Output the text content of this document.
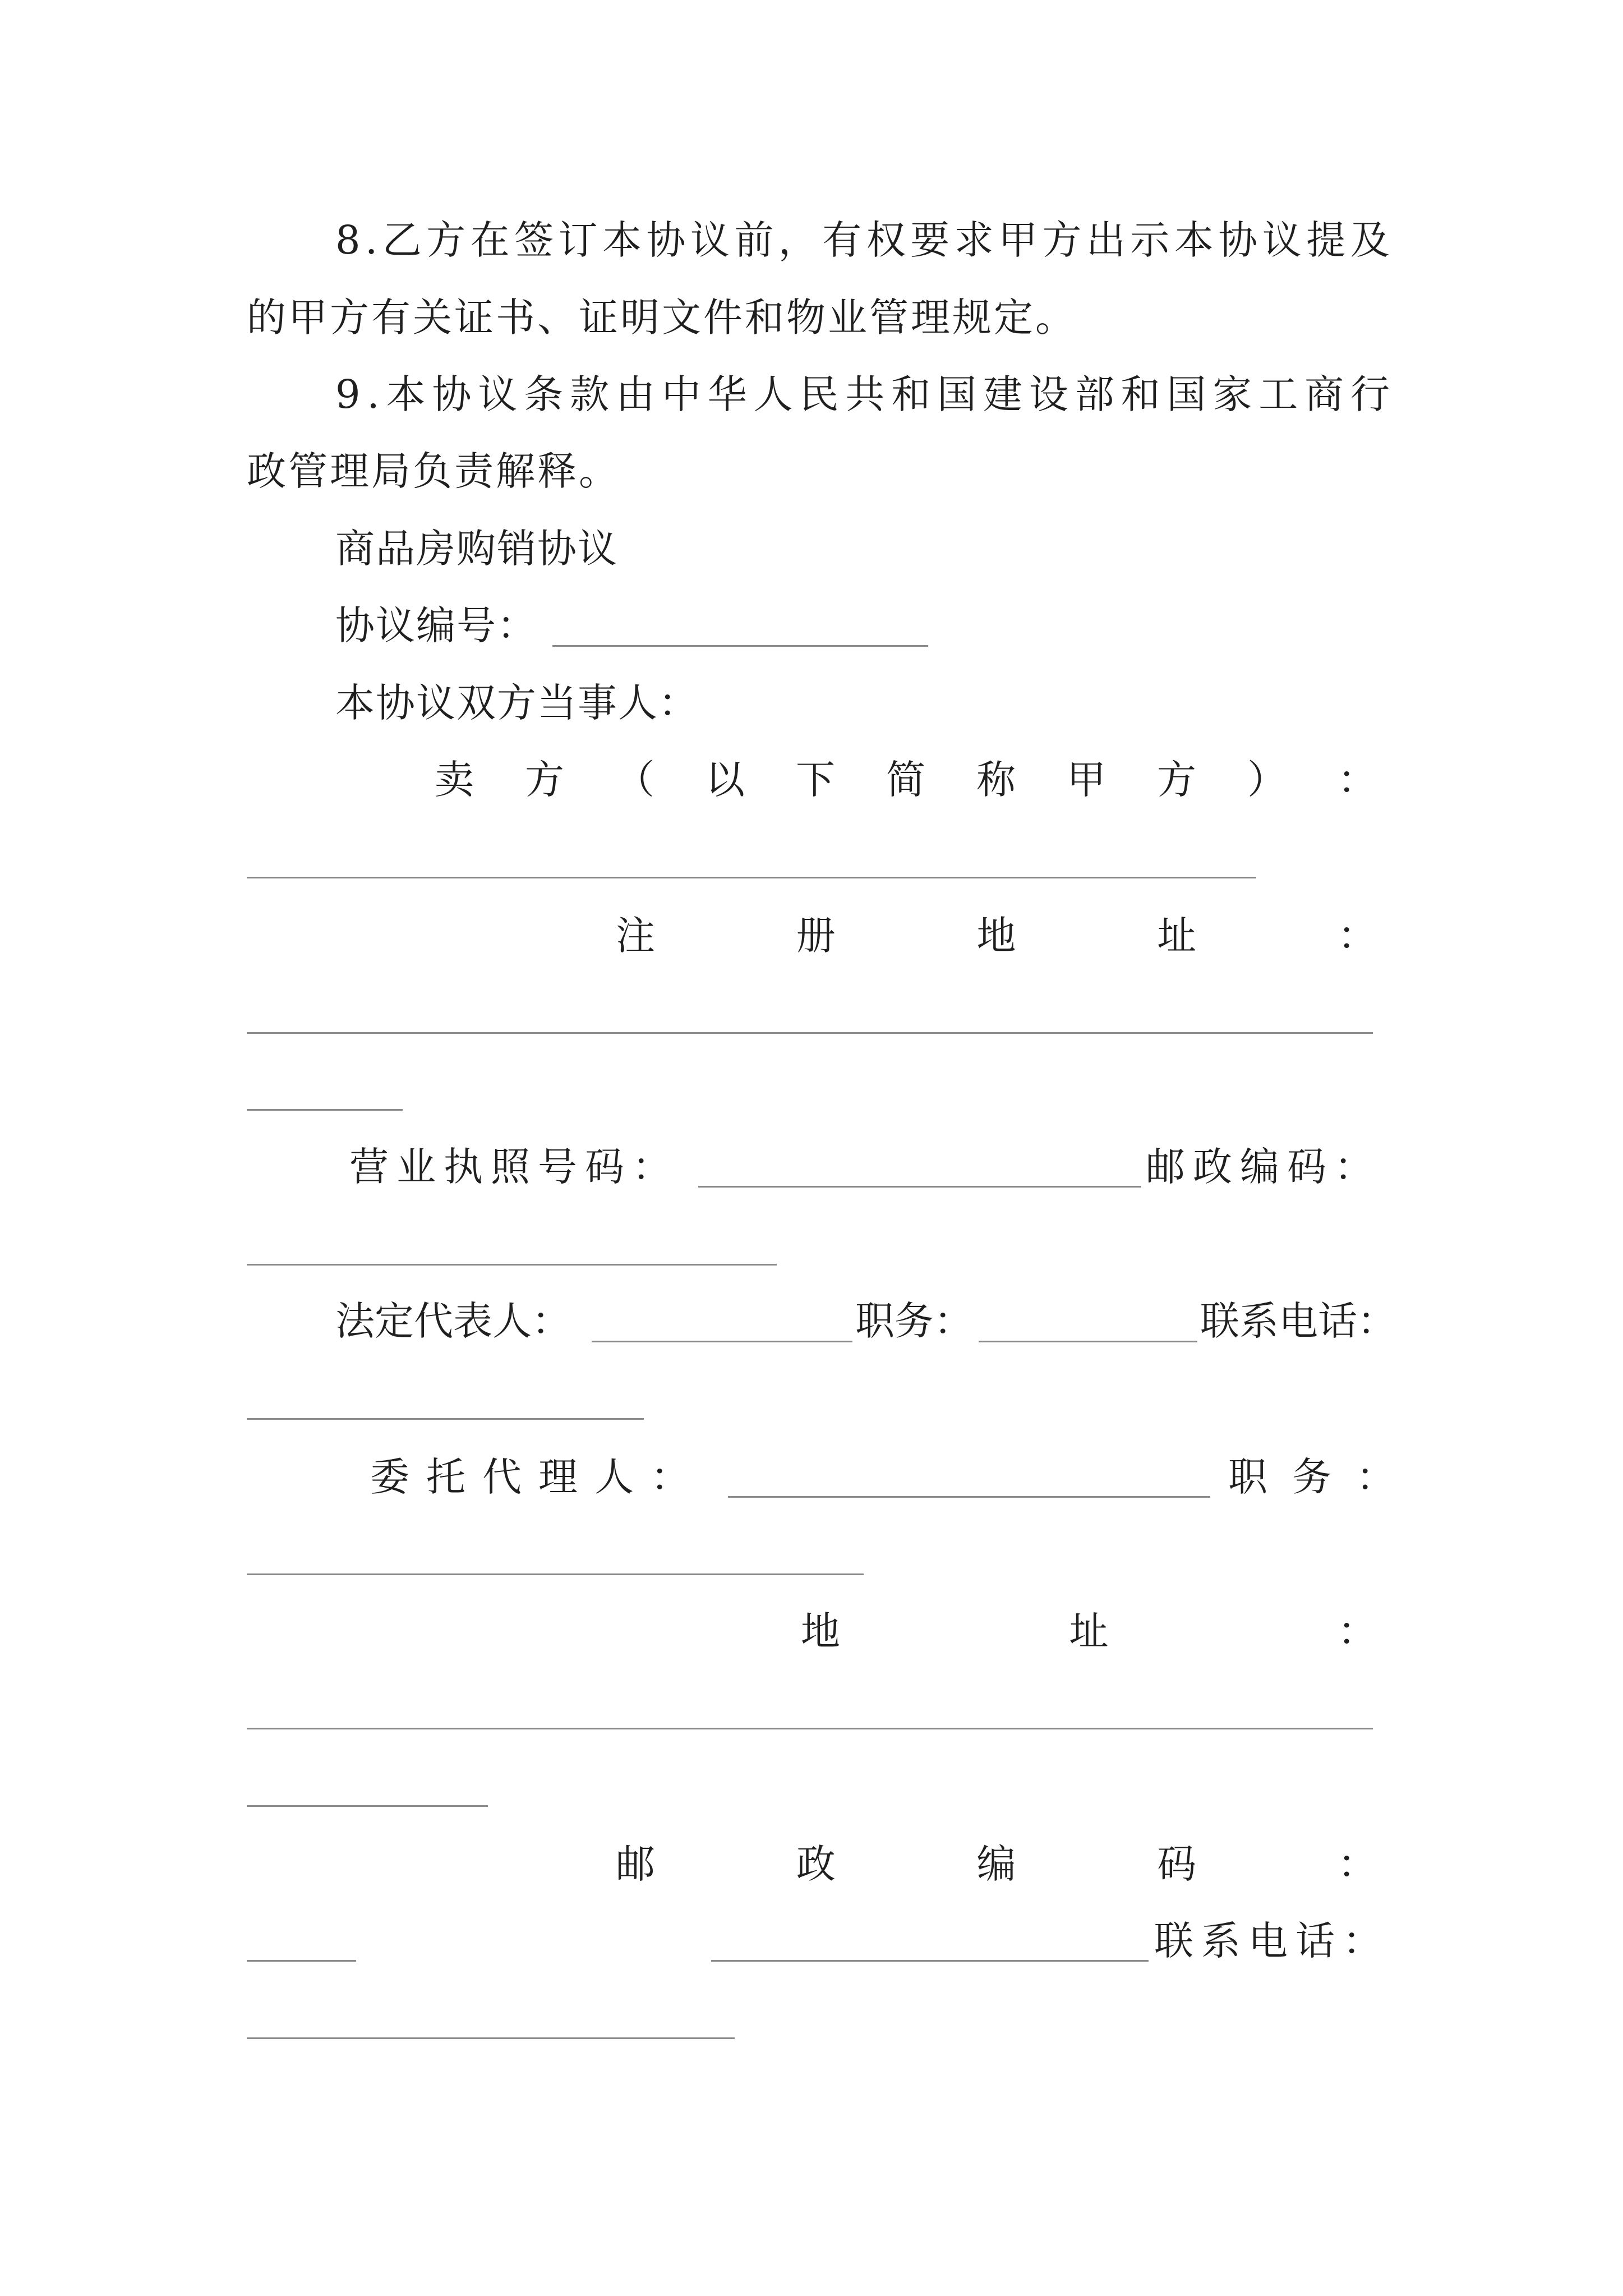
8 . 乙 方 在 签 订 本 协 议 前 ， 有 权 要 求 甲 方 出 示 本 协 议 提 及
的甲方有关证书、证明文件和物业管理规定。
9 . 本 协 议 条 款 由 中 华 人 民 共 和 国 建 设 部 和 国 家 工 商 行
政管理局负责解释。
商品房购销协议
协议编号：
本协议双方当事人：
卖 方 （ 以 下 简 称 甲 方 ） ：
注	册	地	址	：
营业执照号码：	邮政编码：
法定代表人：	职务：	联系电话：
委托代理人：	职务：
地	址	：
邮	政	编	码	：
联系电话：
